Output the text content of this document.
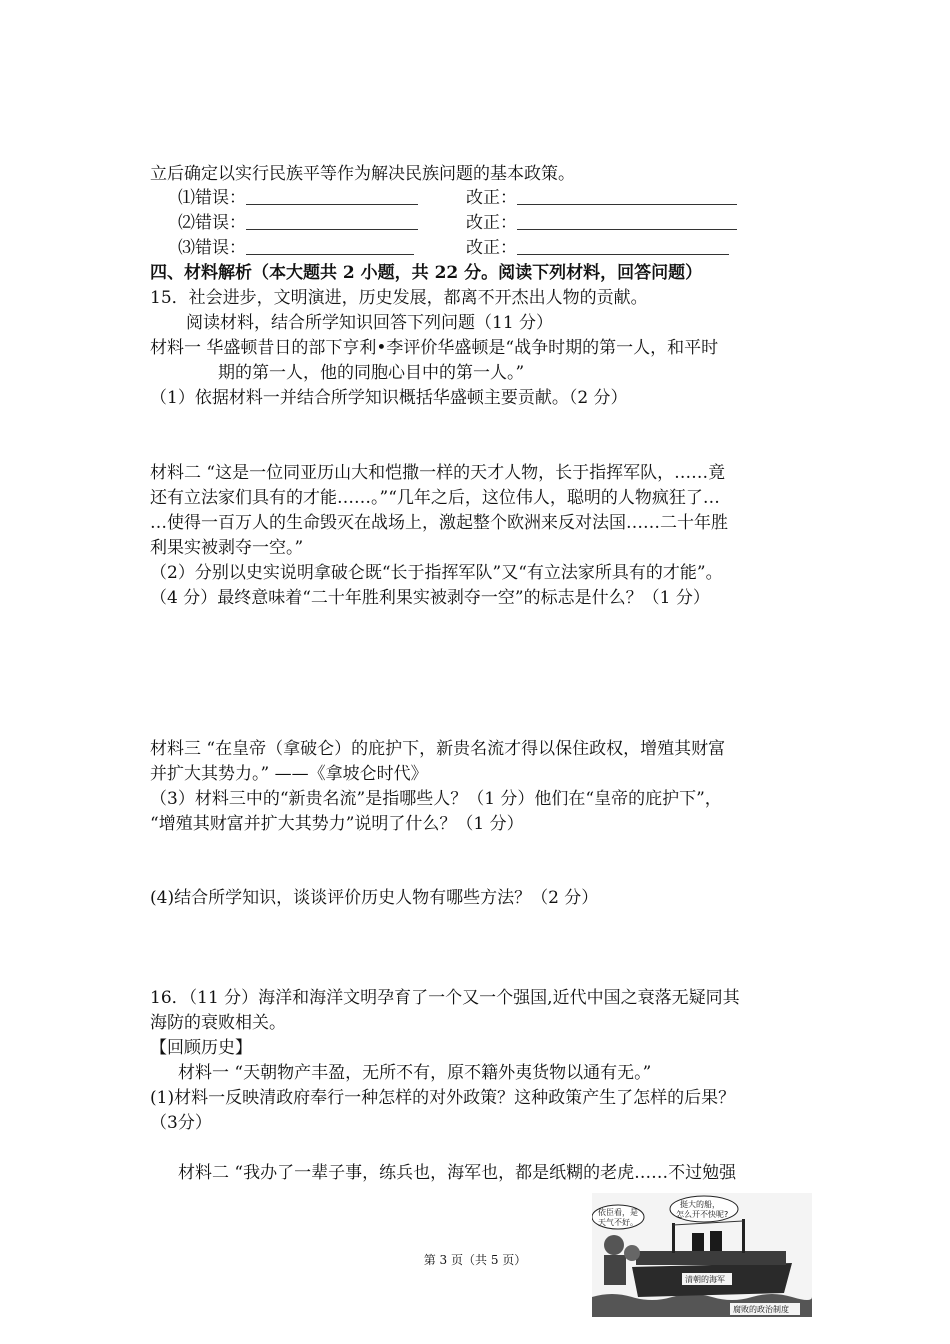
立后确定以实行民族平等作为解决民族问题的基本政策。
⑴错误：	改正：
⑵错误：	改正：
⑶错误：	改正：
四、材料解析（本大题共 2 小题，共 22 分。阅读下列材料，回答问题）
15．社会进步，文明演进，历史发展，都离不开杰出人物的贡献。
阅读材料，结合所学知识回答下列问题（11 分）
材料一 华盛顿昔日的部下亨利•李评价华盛顿是“战争时期的第一人，和平时
期的第一人，他的同胞心目中的第一人。”
（1）依据材料一并结合所学知识概括华盛顿主要贡献。（2 分）
材料二 “这是一位同亚历山大和恺撒一样的天才人物，长于指挥军队，……竟
还有立法家们具有的才能……。”“几年之后，这位伟人，聪明的人物疯狂了…
…使得一百万人的生命毁灭在战场上，激起整个欧洲来反对法国……二十年胜
利果实被剥夺一空。”
（2）分别以史实说明拿破仑既“长于指挥军队”又“有立法家所具有的才能”。
（4 分）最终意味着“二十年胜利果实被剥夺一空”的标志是什么？（1 分）
材料三 “在皇帝（拿破仑）的庇护下，新贵名流才得以保住政权，增殖其财富
并扩大其势力。” ——《拿坡仑时代》
（3）材料三中的“新贵名流”是指哪些人？（1 分）他们在“皇帝的庇护下”，
“增殖其财富并扩大其势力”说明了什么？（1 分）
(4)结合所学知识，谈谈评价历史人物有哪些方法？（2 分）
16．（11 分）海洋和海洋文明孕育了一个又一个强国,近代中国之衰落无疑同其
海防的衰败相关。
【回顾历史】
材料一 “天朝物产丰盈，无所不有，原不籍外夷货物以通有无。”
(1)材料一反映清政府奉行一种怎样的对外政策？这种政策产生了怎样的后果？
（3分）
材料二 “我办了一辈子事，练兵也，海军也，都是纸糊的老虎……不过勉强
第 3 页（共 5 页）
挺大的船，
怎么开不快呢?
依臣看，是
天气不好。
清朝的海军
腐败的政治制度
